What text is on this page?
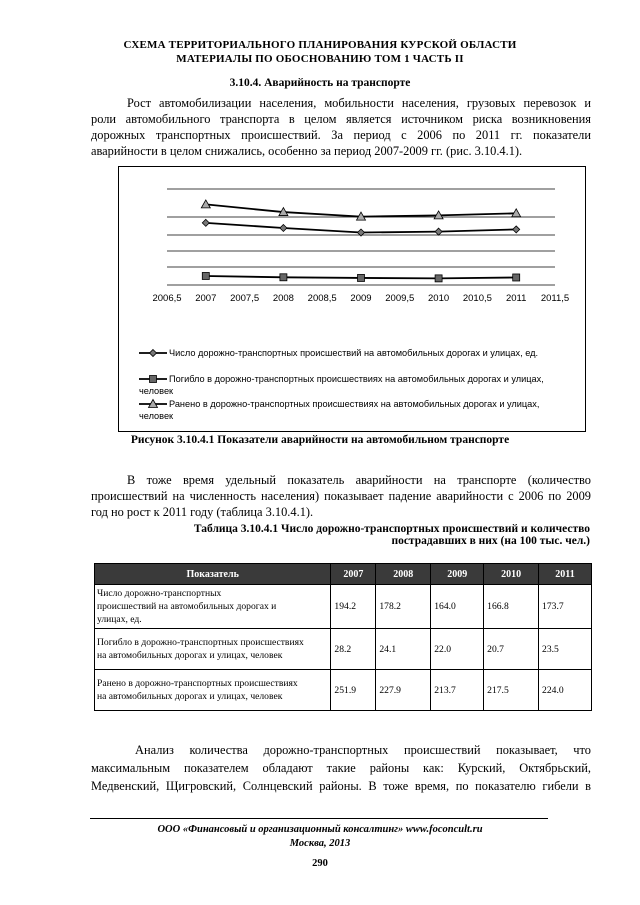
СХЕМА ТЕРРИТОРИАЛЬНОГО ПЛАНИРОВАНИЯ КУРСКОЙ ОБЛАСТИ
МАТЕРИАЛЫ ПО ОБОСНОВАНИЮ ТОМ 1 ЧАСТЬ II
3.10.4. Аварийность на транспорте
Рост автомобилизации населения, мобильности населения, грузовых перевозок и
роли автомобильного транспорта в целом является источником риска возникновения
дорожных транспортных происшествий. За период с 2006 по 2011 гг. показатели
аварийности в целом снижались, особенно за период 2007-2009 гг. (рис. 3.10.4.1).
2006,5 2007 2007,5 2008 2008,5 2009 2009,5 2010 2010,5 2011 2011,5
Число дорожно-транспортных происшествий на автомобильных дорогах и улицах, ед.
Погибло в дорожно-транспортных происшествиях на автомобильных дорогах и улицах,
человек
Ранено в дорожно-транспортных происшествиях на автомобильных дорогах и улицах,
человек
Рисунок 3.10.4.1 Показатели аварийности на автомобильном транспорте
В тоже время удельный показатель аварийности на транспорте (количество
происшествий на численность населения) показывает падение аварийности с 2006 по 2009
год но рост к 2011 году (таблица 3.10.4.1).
Таблица 3.10.4.1 Число дорожно-транспортных происшествий и количество
пострадавших в них (на 100 тыс. чел.)
Показатель	2007	2008	2009	2010	2011

Число дорожно-транспортных
происшествий на автомобильных дорогах и
улицах, ед.	194.2	178.2	164.0	166.8	173.7

Погибло в дорожно-транспортных происшествиях
на автомобильных дорогах и улицах, человек	28.2	24.1	22.0	20.7	23.5

Ранено в дорожно-транспортных происшествиях
на автомобильных дорогах и улицах, человек	251.9	227.9	213.7	217.5	224.0
Анализ количества дорожно-транспортных происшествий показывает, что
максимальным показателем обладают такие районы как: Курский, Октябрьский,
Медвенский, Щигровский, Солнцевский районы. В тоже время, по показателю гибели в
ООО «Финансовый и организационный консалтинг» www.foconcult.ru
Москва, 2013
290
